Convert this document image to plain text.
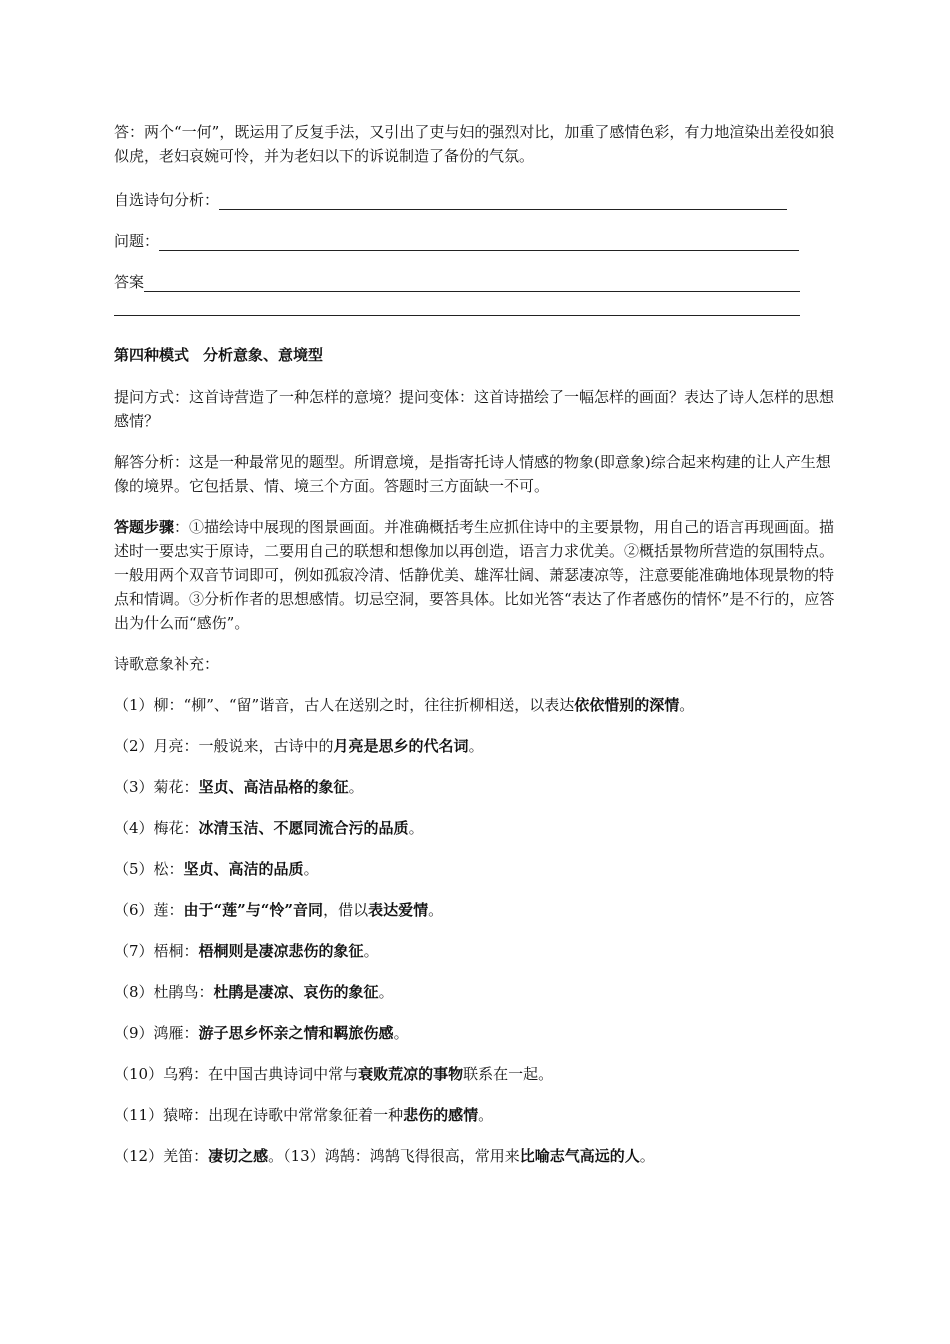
答：两个“一何”，既运用了反复手法，又引出了吏与妇的强烈对比，加重了感情色彩，有力地渲染出差役如狼似虎，老妇哀婉可怜，并为老妇以下的诉说制造了备份的气氛。

自选诗句分析：
问题：
答案

第四种模式 分析意象、意境型

提问方式：这首诗营造了一种怎样的意境？提问变体：这首诗描绘了一幅怎样的画面？表达了诗人怎样的思想感情？

解答分析：这是一种最常见的题型。所谓意境，是指寄托诗人情感的物象(即意象)综合起来构建的让人产生想像的境界。它包括景、情、境三个方面。答题时三方面缺一不可。

答题步骤：①描绘诗中展现的图景画面。并准确概括考生应抓住诗中的主要景物，用自己的语言再现画面。描述时一要忠实于原诗，二要用自己的联想和想像加以再创造，语言力求优美。②概括景物所营造的氛围特点。一般用两个双音节词即可，例如孤寂冷清、恬静优美、雄浑壮阔、萧瑟凄凉等，注意要能准确地体现景物的特点和情调。③分析作者的思想感情。切忌空洞，要答具体。比如光答“表达了作者感伤的情怀”是不行的，应答出为什么而“感伤”。

诗歌意象补充：

（1）柳：“柳”、“留”谐音，古人在送别之时，往往折柳相送，以表达依依惜别的深情。

（2）月亮：一般说来，古诗中的月亮是思乡的代名词。

（3）菊花：坚贞、高洁品格的象征。

（4）梅花：冰清玉洁、不愿同流合污的品质。

（5）松：坚贞、高洁的品质。

（6）莲：由于“莲”与“怜”音同，借以表达爱情。

（7）梧桐：梧桐则是凄凉悲伤的象征。

（8）杜鹃鸟：杜鹃是凄凉、哀伤的象征。

（9）鸿雁：游子思乡怀亲之情和羁旅伤感。

（10）乌鸦：在中国古典诗词中常与衰败荒凉的事物联系在一起。

（11）猿啼：出现在诗歌中常常象征着一种悲伤的感情。

（12）羌笛：凄切之感。（13）鸿鹄：鸿鹄飞得很高，常用来比喻志气高远的人。
